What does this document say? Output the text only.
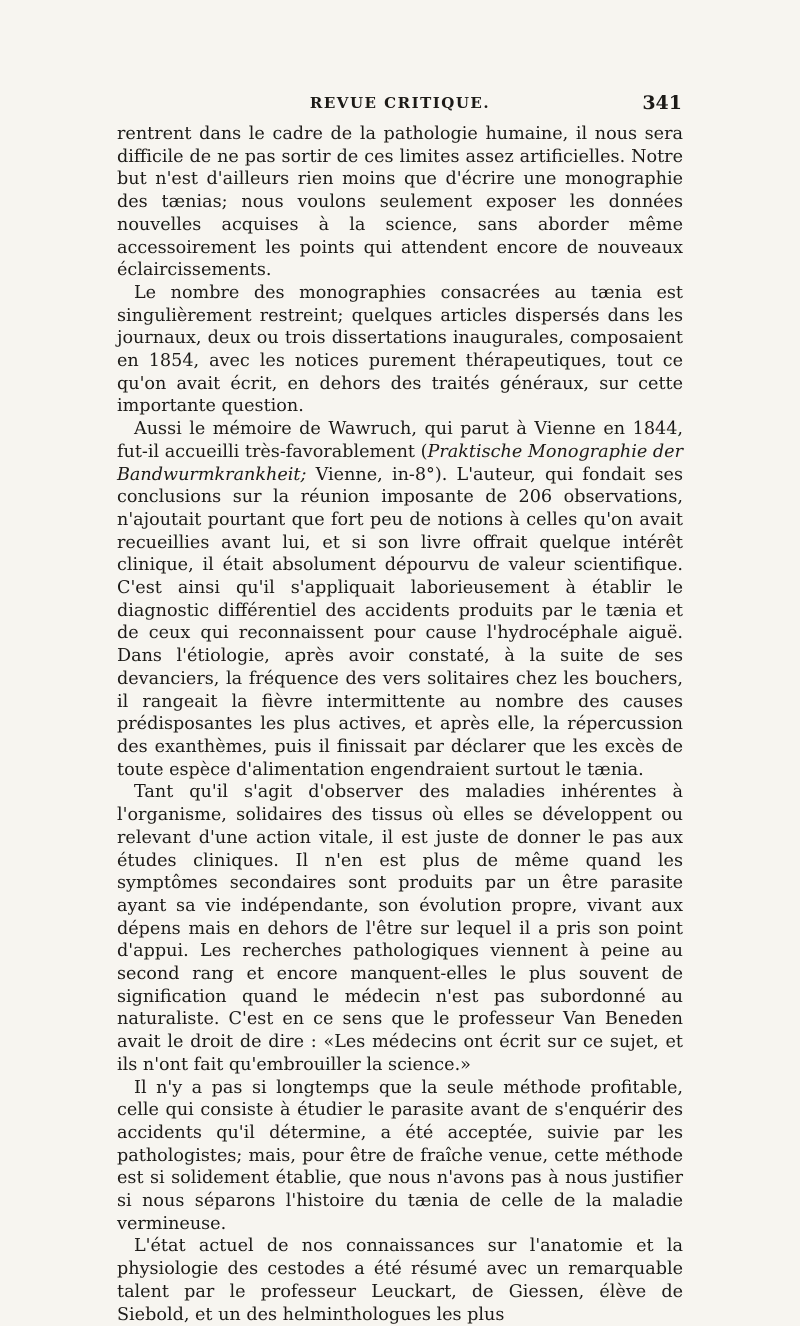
REVUE CRITIQUE.	341

rentrent dans le cadre de la pathologie humaine, il nous sera difficile de ne pas sortir de ces limites assez artificielles. Notre but n'est d'ailleurs rien moins que d'écrire une monographie des tænias; nous voulons seulement exposer les données nouvelles acquises à la science, sans aborder même accessoirement les points qui attendent encore de nouveaux éclaircissements.

Le nombre des monographies consacrées au tænia est singulièrement restreint; quelques articles dispersés dans les journaux, deux ou trois dissertations inaugurales, composaient en 1854, avec les notices purement thérapeutiques, tout ce qu'on avait écrit, en dehors des traités généraux, sur cette importante question.

Aussi le mémoire de Wawruch, qui parut à Vienne en 1844, fut-il accueilli très-favorablement (Praktische Monographie der Bandwurmkrankheit; Vienne, in-8°). L'auteur, qui fondait ses conclusions sur la réunion imposante de 206 observations, n'ajoutait pourtant que fort peu de notions à celles qu'on avait recueillies avant lui, et si son livre offrait quelque intérêt clinique, il était absolument dépourvu de valeur scientifique. C'est ainsi qu'il s'appliquait laborieusement à établir le diagnostic différentiel des accidents produits par le tænia et de ceux qui reconnaissent pour cause l'hydrocéphale aiguë. Dans l'étiologie, après avoir constaté, à la suite de ses devanciers, la fréquence des vers solitaires chez les bouchers, il rangeait la fièvre intermittente au nombre des causes prédisposantes les plus actives, et après elle, la répercussion des exanthèmes, puis il finissait par déclarer que les excès de toute espèce d'alimentation engendraient surtout le tænia.

Tant qu'il s'agit d'observer des maladies inhérentes à l'organisme, solidaires des tissus où elles se développent ou relevant d'une action vitale, il est juste de donner le pas aux études cliniques. Il n'en est plus de même quand les symptômes secondaires sont produits par un être parasite ayant sa vie indépendante, son évolution propre, vivant aux dépens mais en dehors de l'être sur lequel il a pris son point d'appui. Les recherches pathologiques viennent à peine au second rang et encore manquent-elles le plus souvent de signification quand le médecin n'est pas subordonné au naturaliste. C'est en ce sens que le professeur Van Beneden avait le droit de dire : «Les médecins ont écrit sur ce sujet, et ils n'ont fait qu'embrouiller la science.»

Il n'y a pas si longtemps que la seule méthode profitable, celle qui consiste à étudier le parasite avant de s'enquérir des accidents qu'il détermine, a été acceptée, suivie par les pathologistes; mais, pour être de fraîche venue, cette méthode est si solidement établie, que nous n'avons pas à nous justifier si nous séparons l'histoire du tænia de celle de la maladie vermineuse.

L'état actuel de nos connaissances sur l'anatomie et la physiologie des cestodes a été résumé avec un remarquable talent par le professeur Leuckart, de Giessen, élève de Siebold, et un des helminthologues les plus
